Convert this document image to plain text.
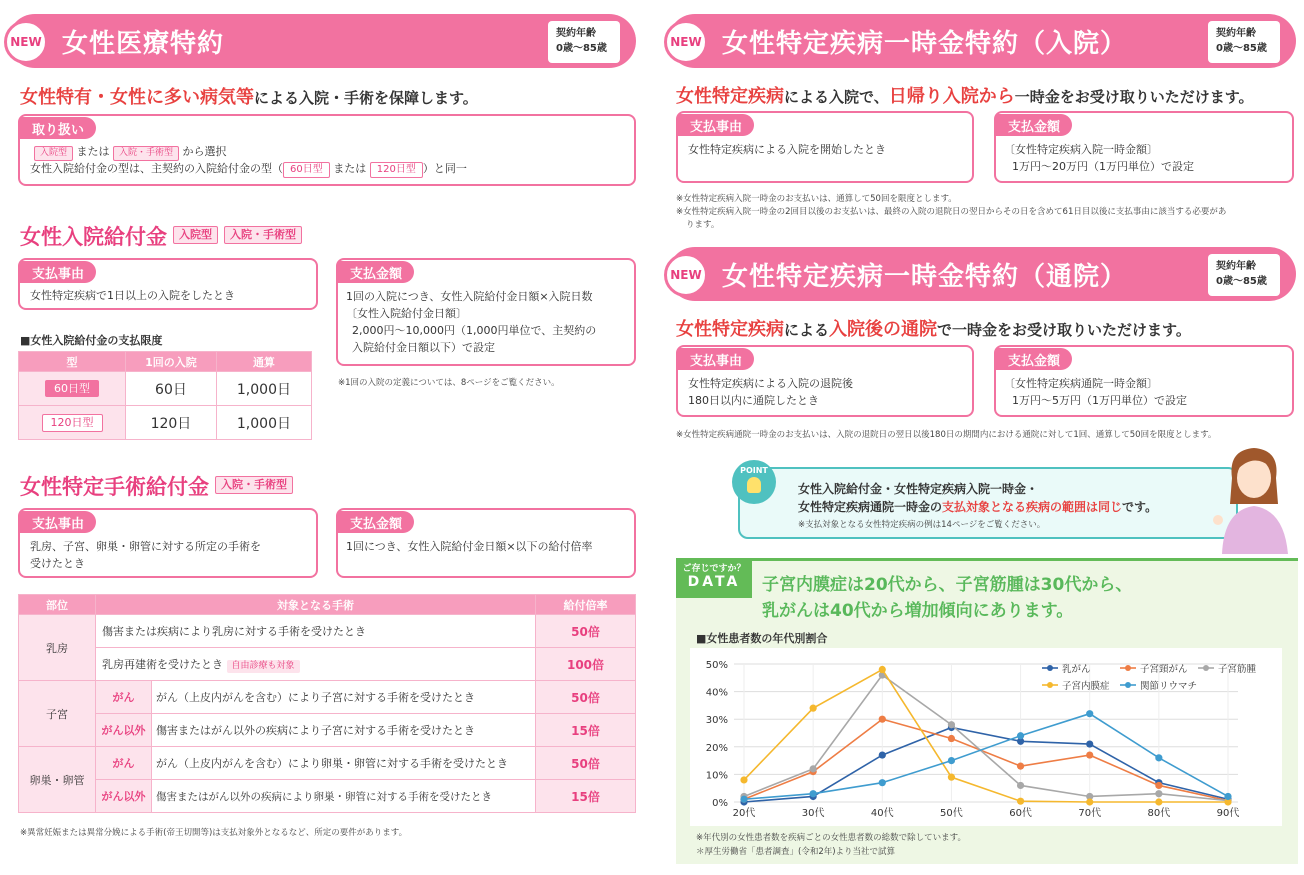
NEW 女性医療特約	契約年齢
0歳～85歳
女性特有・女性に多い病気等による入院・手術を保障します。
取り扱い
入院型 または 入院・手術型 から選択
女性入院給付金の型は、主契約の入院給付金の型（ 60日型 または 120日型 ）と同一
女性入院給付金 入院型 入院・手術型
支払事由
女性特定疾病で1日以上の入院をしたとき
支払金額
1回の入院につき、女性入院給付金日額×入院日数
〔女性入院給付金日額〕
2,000円～10,000円（1,000円単位で、主契約の
入院給付金日額以下）で設定
※1回の入院の定義については、8ページをご覧ください。
■女性入院給付金の支払限度
型	1回の入院	通算
60日型	60日	1,000日
120日型	120日	1,000日
女性特定手術給付金 入院・手術型
支払事由
乳房、子宮、卵巣・卵管に対する所定の手術を
受けたとき
支払金額
1回につき、女性入院給付金日額×以下の給付倍率
部位	対象となる手術		給付倍率
乳房	傷害または疾病により乳房に対する手術を受けたとき		50倍
	乳房再建術を受けたとき 自由診療も対象		100倍
子宮	がん	がん（上皮内がんを含む）により子宮に対する手術を受けたとき	50倍
	がん以外	傷害またはがん以外の疾病により子宮に対する手術を受けたとき	15倍
卵巣・卵管	がん	がん（上皮内がんを含む）により卵巣・卵管に対する手術を受けたとき	50倍
	がん以外	傷害またはがん以外の疾病により卵巣・卵管に対する手術を受けたとき	15倍
※異常妊娠または異常分娩による手術(帝王切開等)は支払対象外となるなど、所定の要件があります。
NEW 女性特定疾病一時金特約（入院）	契約年齢
0歳～85歳
女性特定疾病による入院で、日帰り入院から一時金をお受け取りいただけます。
支払事由
女性特定疾病による入院を開始したとき
支払金額
〔女性特定疾病入院一時金額〕
1万円～20万円（1万円単位）で設定
※女性特定疾病入院一時金のお支払いは、通算して50回を限度とします。
※女性特定疾病入院一時金の2回目以後のお支払いは、最終の入院の退院日の翌日からその日を含めて61日目以後に支払事由に該当する必要があ
ります。
NEW 女性特定疾病一時金特約（通院）	契約年齢
0歳～85歳
女性特定疾病による入院後の通院で一時金をお受け取りいただけます。
支払事由
女性特定疾病による入院の退院後
180日以内に通院したとき
支払金額
〔女性特定疾病通院一時金額〕
1万円～5万円（1万円単位）で設定
※女性特定疾病通院一時金のお支払いは、入院の退院日の翌日以後180日の期間内における通院に対して1回、通算して50回を限度とします。
POINT
女性入院給付金・女性特定疾病入院一時金・
女性特定疾病通院一時金の支払対象となる疾病の範囲は同じです。
※支払対象となる女性特定疾病の例は14ページをご覧ください。
ご存じですか？
DATA	子宮内膜症は20代から、子宮筋腫は30代から、
乳がんは40代から増加傾向にあります。
■女性患者数の年代別割合
0%
10%
20%
30%
40%
50%
20代	30代	40代	50代	60代	70代	80代	90代
乳がん	子宮頸がん	子宮筋腫
子宮内膜症	関節リウマチ
※年代別の女性患者数を疾病ごとの女性患者数の総数で除しています。
＊厚生労働省「患者調査」(令和2年)より当社で試算
